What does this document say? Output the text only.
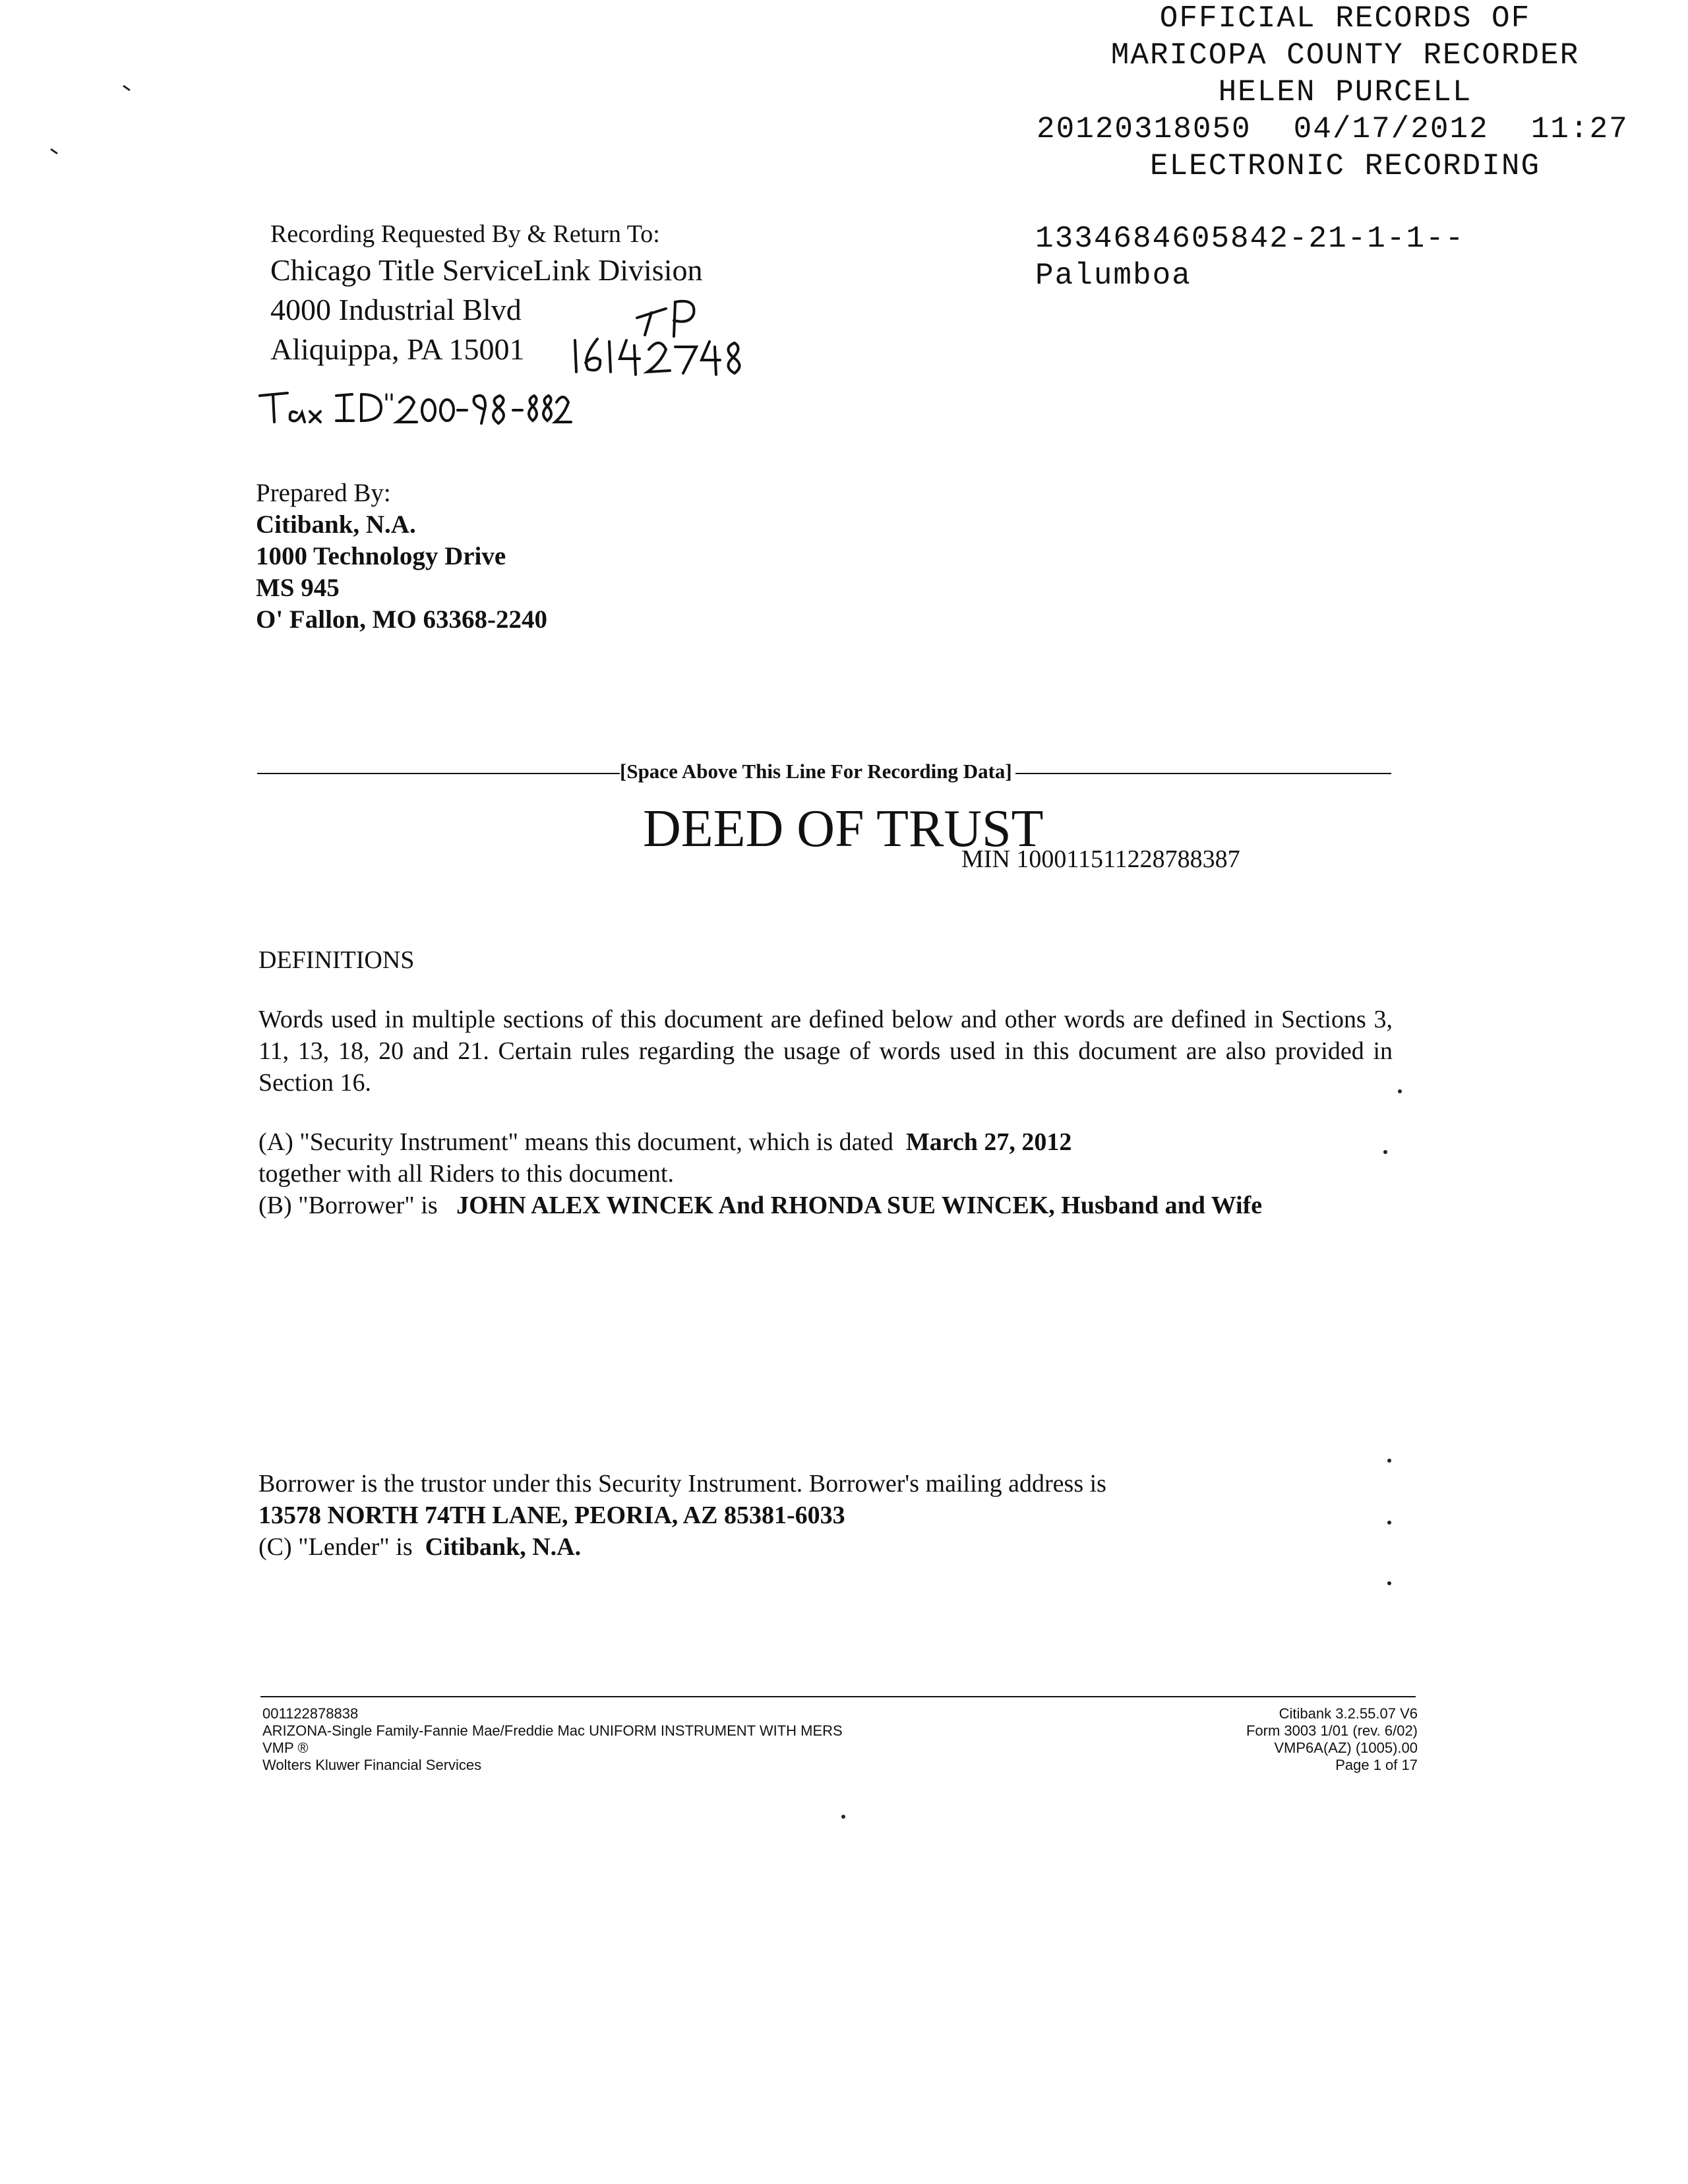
OFFICIAL RECORDS OF
MARICOPA COUNTY RECORDER
HELEN PURCELL
20120318050 04/17/2012 11:27
ELECTRONIC RECORDING
1334684605842-21-1-1--
Palumboa
Recording Requested By & Return To:
Chicago Title ServiceLink Division
4000 Industrial Blvd
Aliquippa, PA 15001
Prepared By:
Citibank, N.A.
1000 Technology Drive
MS 945
O' Fallon, MO 63368-2240
[Space Above This Line For Recording Data]
DEED OF TRUST
MIN 100011511228788387
DEFINITIONS
Words used in multiple sections of this document are defined below and other words are defined in Sections 3, 11, 13, 18, 20 and 21. Certain rules regarding the usage of words used in this document are also provided in Section 16.
(A) "Security Instrument" means this document, which is dated March 27, 2012
together with all Riders to this document.
(B) "Borrower" is JOHN ALEX WINCEK And RHONDA SUE WINCEK, Husband and Wife
Borrower is the trustor under this Security Instrument. Borrower's mailing address is
13578 NORTH 74TH LANE, PEORIA, AZ 85381-6033
(C) "Lender" is Citibank, N.A.
001122878838
ARIZONA-Single Family-Fannie Mae/Freddie Mac UNIFORM INSTRUMENT WITH MERS
VMP ®
Wolters Kluwer Financial Services
Citibank 3.2.55.07 V6
Form 3003 1/01 (rev. 6/02)
VMP6A(AZ) (1005).00
Page 1 of 17
